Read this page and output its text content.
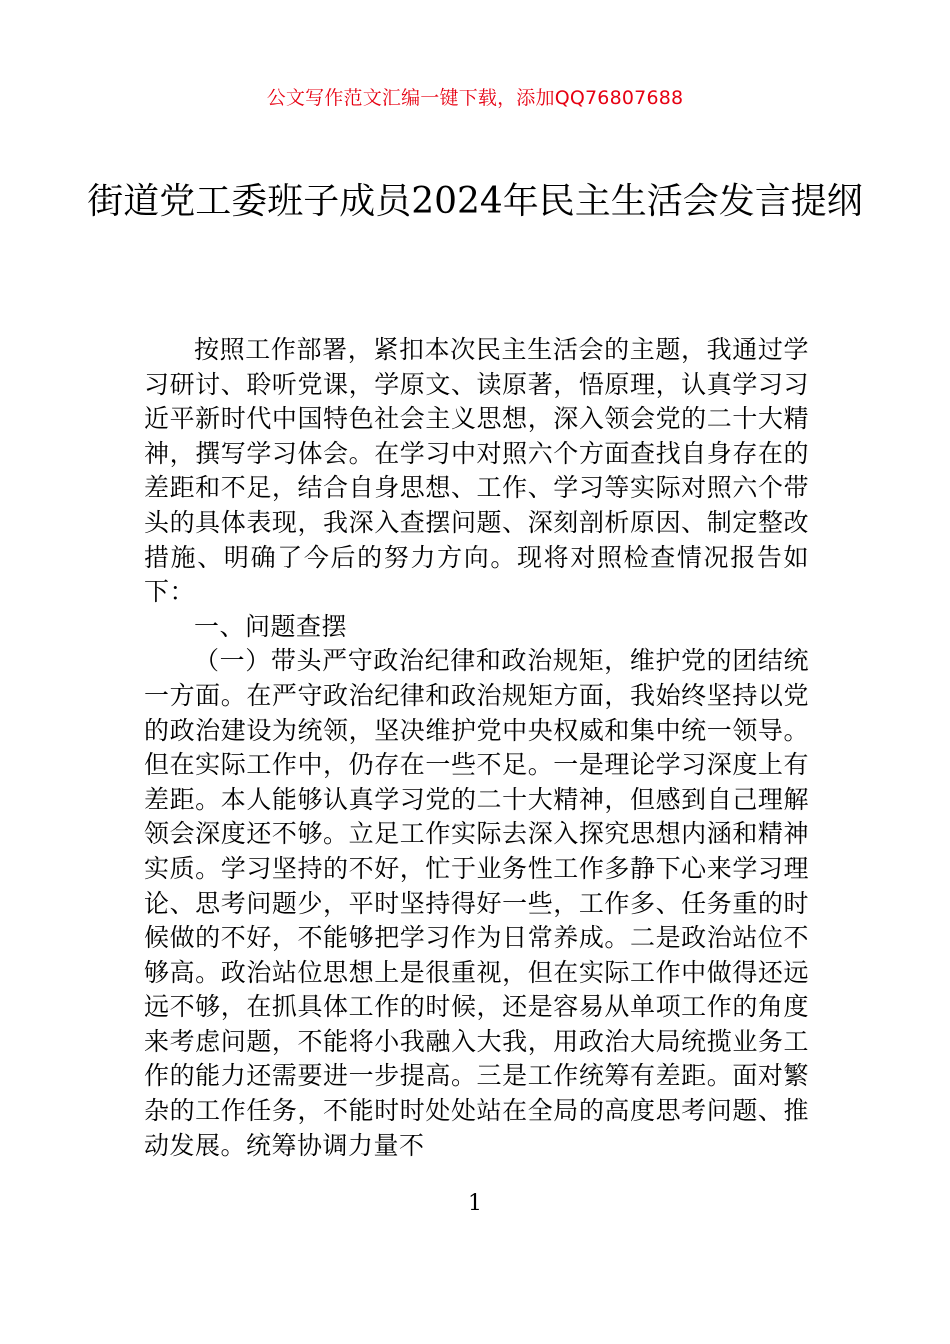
公文写作范文汇编一键下载，添加QQ76807688
街道党工委班子成员2024年民主生活会发言提纲

按照工作部署，紧扣本次民主生活会的主题，我通过学习研讨、聆听党课，学原文、读原著，悟原理，认真学习习近平新时代中国特色社会主义思想，深入领会党的二十大精神，撰写学习体会。在学习中对照六个方面查找自身存在的差距和不足，结合自身思想、工作、学习等实际对照六个带头的具体表现，我深入查摆问题、深刻剖析原因、制定整改措施、明确了今后的努力方向。现将对照检查情况报告如下：

一、问题查摆

（一）带头严守政治纪律和政治规矩，维护党的团结统一方面。在严守政治纪律和政治规矩方面，我始终坚持以党的政治建设为统领，坚决维护党中央权威和集中统一领导。但在实际工作中，仍存在一些不足。一是理论学习深度上有差距。本人能够认真学习党的二十大精神，但感到自己理解领会深度还不够。立足工作实际去深入探究思想内涵和精神实质。学习坚持的不好，忙于业务性工作多静下心来学习理论、思考问题少，平时坚持得好一些，工作多、任务重的时候做的不好，不能够把学习作为日常养成。二是政治站位不够高。政治站位思想上是很重视，但在实际工作中做得还远远不够，在抓具体工作的时候，还是容易从单项工作的角度来考虑问题，不能将小我融入大我，用政治大局统揽业务工作的能力还需要进一步提高。三是工作统筹有差距。面对繁杂的工作任务，不能时时处处站在全局的高度思考问题、推动发展。统筹协调力量不

1
